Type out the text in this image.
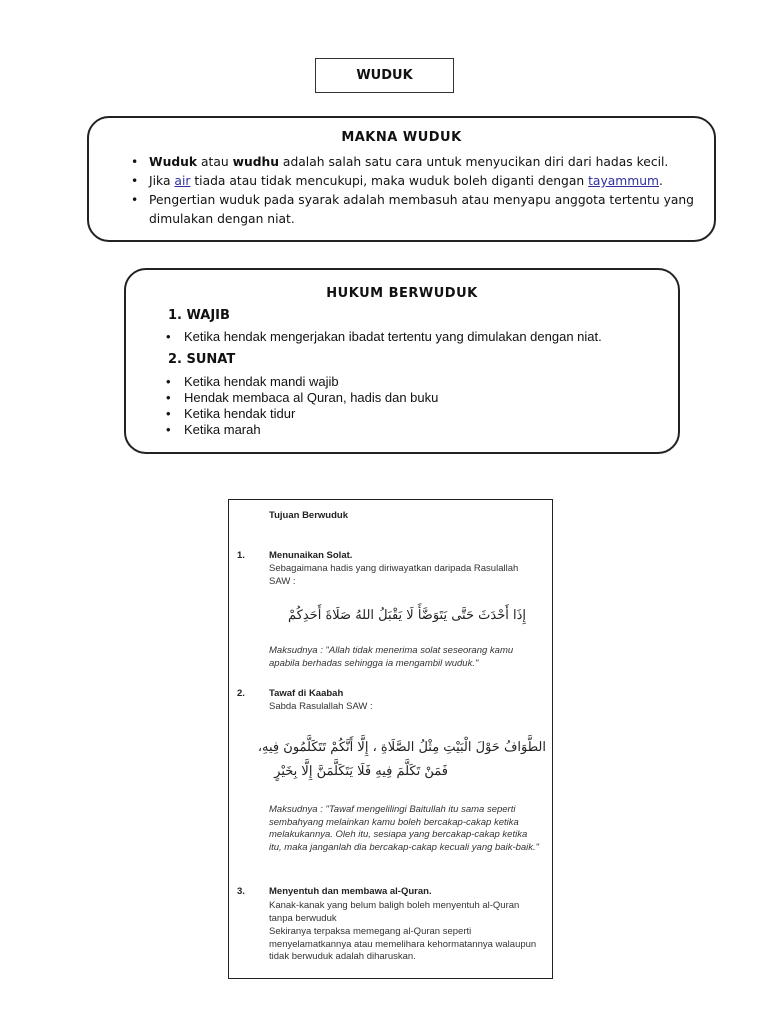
WUDUK
MAKNA WUDUK
• Wuduk atau wudhu adalah salah satu cara untuk menyucikan diri dari hadas kecil.
• Jika air tiada atau tidak mencukupi, maka wuduk boleh diganti dengan tayammum.
• Pengertian wuduk pada syarak adalah membasuh atau menyapu anggota tertentu yang dimulakan dengan niat.
HUKUM BERWUDUK
1. WAJIB
• Ketika hendak mengerjakan ibadat tertentu yang dimulakan dengan niat.
2. SUNAT
• Ketika hendak mandi wajib
• Hendak membaca al Quran, hadis dan buku
• Ketika hendak tidur
• Ketika marah
Tujuan Berwuduk
1.	Menunaikan Solat.
Sebagaimana hadis yang diriwayatkan daripada Rasulallah SAW :
إِذَا أَحْدَثَ حَتَّى يَتَوَضَّأَ لَا يَقْبَلُ اللهُ صَلَاةَ أَحَدِكُمْ
Maksudnya : "Allah tidak menerima solat seseorang kamu apabila berhadas sehingga ia mengambil wuduk."
2.	Tawaf di Kaabah
Sabda Rasulallah SAW :
الطَّوَافُ حَوْلَ الْبَيْتِ مِثْلُ الصَّلَاةِ ، إِلَّا أَنَّكُمْ تَتَكَلَّمُونَ فِيهِ،
فَمَنْ تَكَلَّمَ فِيهِ فَلَا يَتَكَلَّمَنَّ إِلَّا بِخَيْرٍ
Maksudnya : "Tawaf mengelilingi Baitullah itu sama seperti sembahyang melainkan kamu boleh bercakap-cakap ketika melakukannya. Oleh itu, sesiapa yang bercakap-cakap ketika itu, maka janganlah dia bercakap-cakap kecuali yang baik-baik."
3.	Menyentuh dan membawa al-Quran.
Kanak-kanak yang belum baligh boleh menyentuh al-Quran tanpa berwuduk
Sekiranya terpaksa memegang al-Quran seperti menyelamatkannya atau memelihara kehormatannya walaupun tidak berwuduk adalah diharuskan.
